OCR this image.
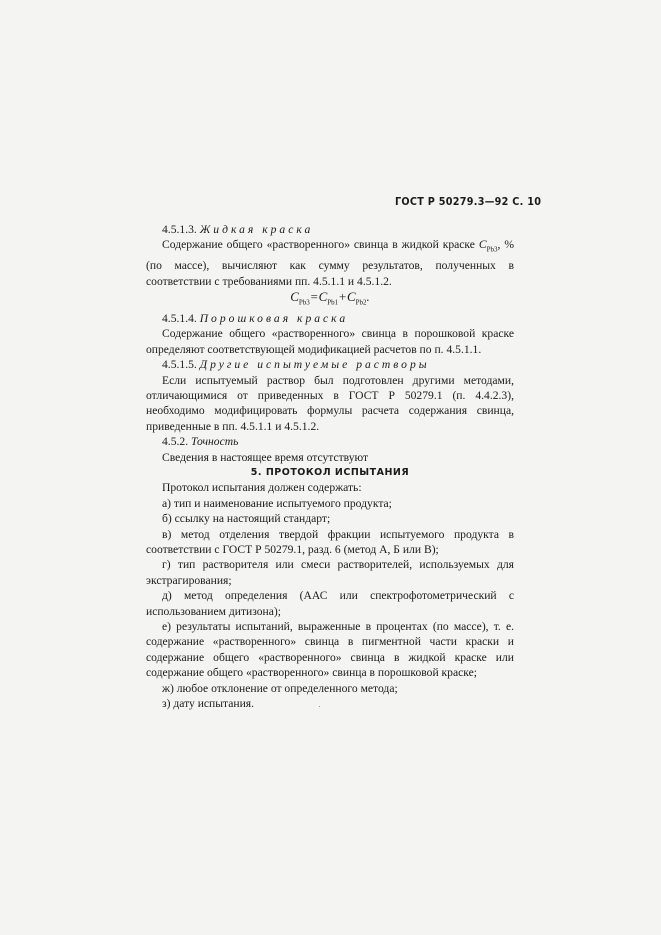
ГОСТ Р 50279.3—92 С. 10

4.5.1.3. Жидкая краска

Содержание общего «растворенного» свинца в жидкой краске $С_{Pb3}$, % (по массе), вычисляют как сумму результатов, полученных в соответствии с требованиями пп. 4.5.1.1 и 4.5.1.2.

$С_{Pb3}=С_{Pb1}+С_{Pb2}$.

4.5.1.4. Порошковая краска

Содержание общего «растворенного» свинца в порошковой краске определяют соответствующей модификацией расчетов по п. 4.5.1.1.

4.5.1.5. Другие испытуемые растворы

Если испытуемый раствор был подготовлен другими методами, отличающимися от приведенных в ГОСТ Р 50279.1 (п. 4.4.2.3), необходимо модифицировать формулы расчета содержания свинца, приведенные в пп. 4.5.1.1 и 4.5.1.2.

4.5.2. Точность

Сведения в настоящее время отсутствуют

5. ПРОТОКОЛ ИСПЫТАНИЯ

Протокол испытания должен содержать:

а) тип и наименование испытуемого продукта;

б) ссылку на настоящий стандарт;

в) метод отделения твердой фракции испытуемого продукта в соответствии с ГОСТ Р 50279.1, разд. 6 (метод А, Б или В);

г) тип растворителя или смеси растворителей, используемых для экстрагирования;

д) метод определения (ААС или спектрофотометрический с использованием дитизона);

е) результаты испытаний, выраженные в процентах (по массе), т. е. содержание «растворенного» свинца в пигментной части краски и содержание общего «растворенного» свинца в жидкой краске или содержание общего «растворенного» свинца в порошковой краске;

ж) любое отклонение от определенного метода;

з) дату испытания.
